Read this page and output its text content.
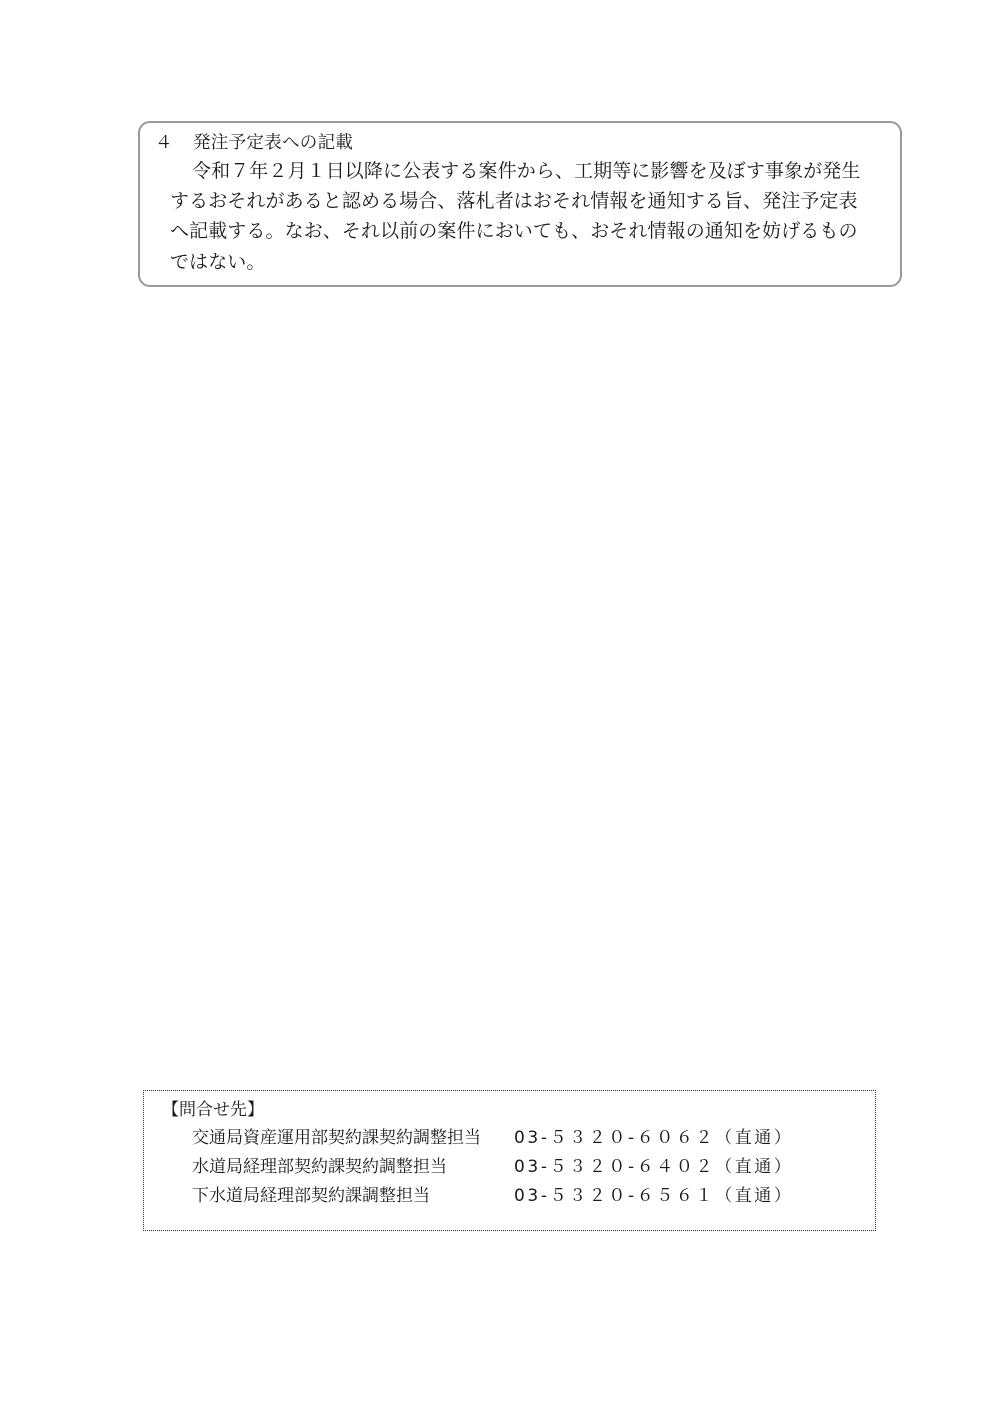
４ 発注予定表への記載
令和７年２月１日以降に公表する案件から、工期等に影響を及ぼす事象が発生
するおそれがあると認める場合、落札者はおそれ情報を通知する旨、発注予定表
へ記載する。なお、それ以前の案件においても、おそれ情報の通知を妨げるもの
ではない。
【問合せ先】
交通局資産運用部契約課契約調整担当 03-５３２０-６０６２（直通）
水道局経理部契約課契約調整担当	03-５３２０-６４０２（直通）
下水道局経理部契約課調整担当	03-５３２０-６５６１（直通）
